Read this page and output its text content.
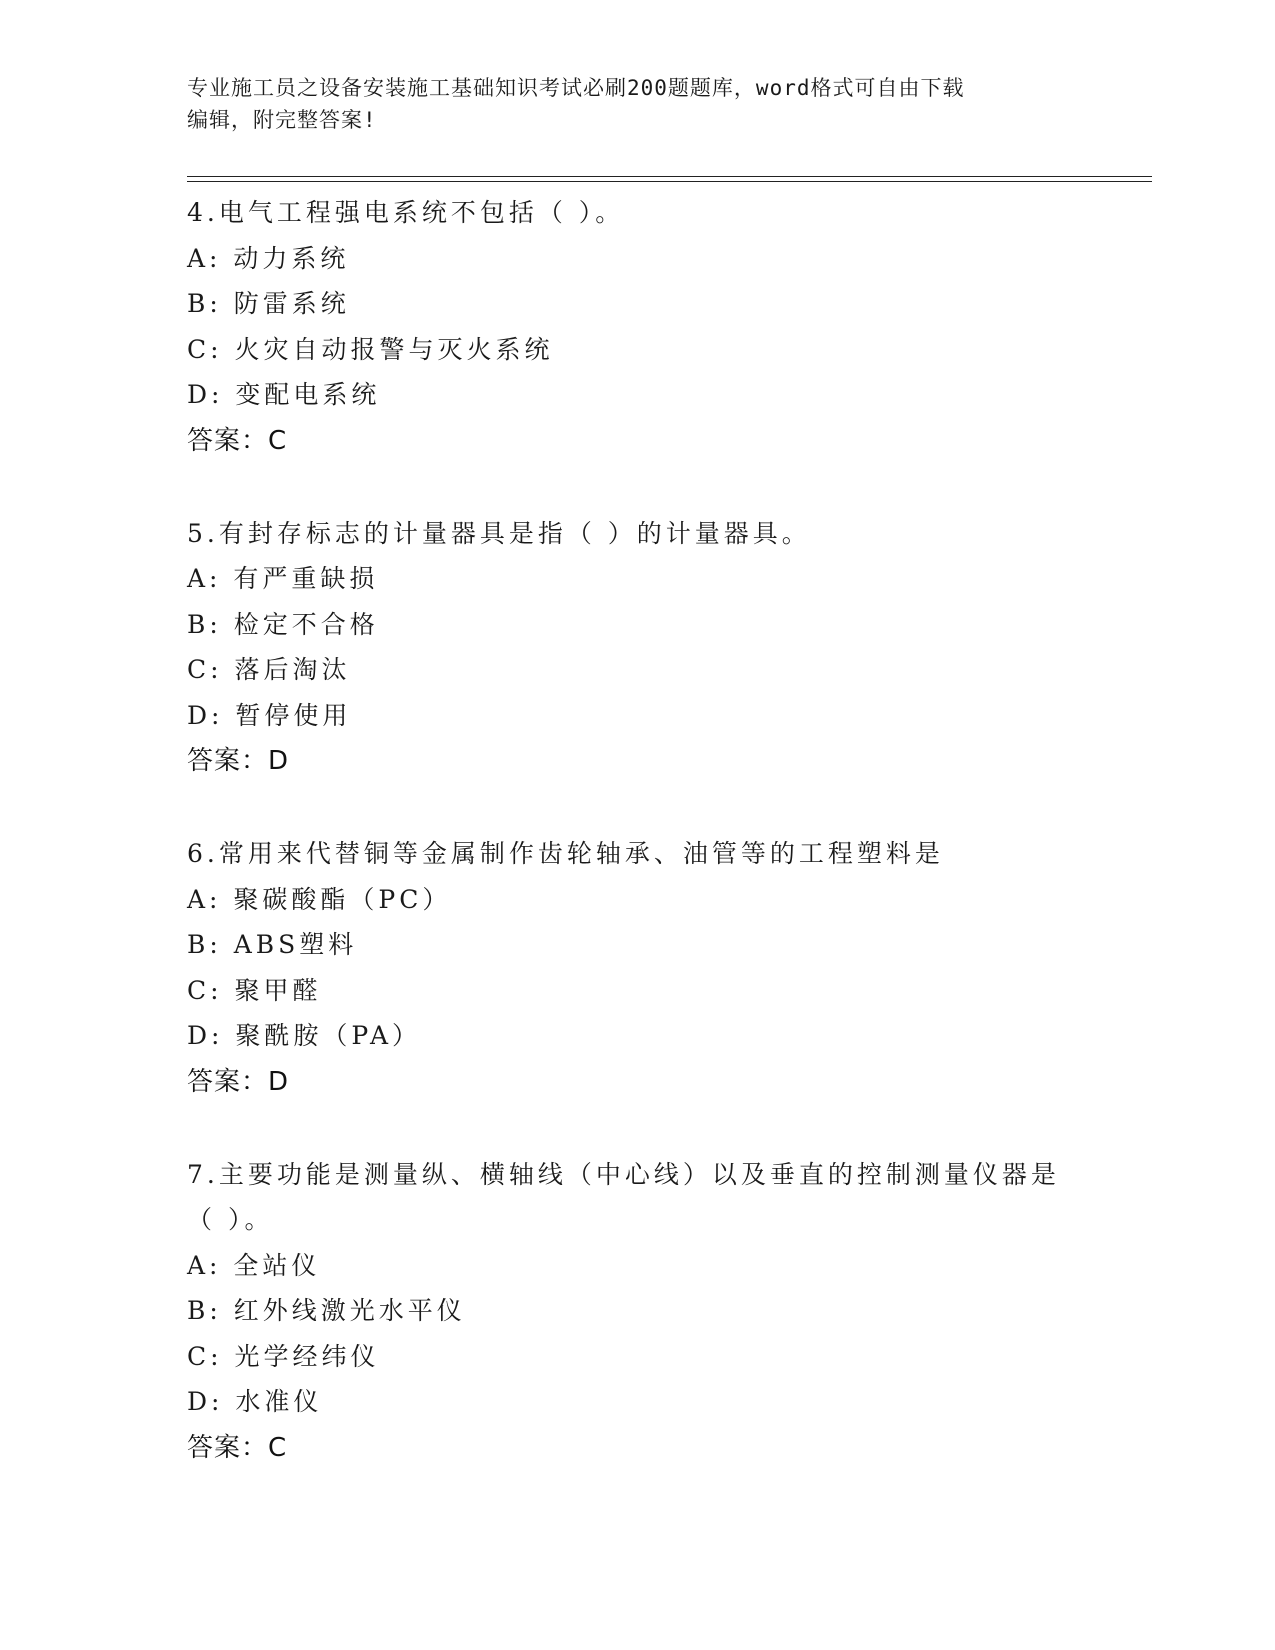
专业施工员之设备安装施工基础知识考试必刷200题题库，word格式可自由下载
编辑，附完整答案!
4.电气工程强电系统不包括（ ）。
A: 动力系统
B: 防雷系统
C: 火灾自动报警与灭火系统
D: 变配电系统
答案：C
5.有封存标志的计量器具是指（ ）的计量器具。
A: 有严重缺损
B: 检定不合格
C: 落后淘汰
D: 暂停使用
答案：D
6.常用来代替铜等金属制作齿轮轴承、油管等的工程塑料是
A: 聚碳酸酯（PC）
B: ABS塑料
C: 聚甲醛
D: 聚酰胺（PA）
答案：D
7.主要功能是测量纵、横轴线（中心线）以及垂直的控制测量仪器是
（ ）。
A: 全站仪
B: 红外线激光水平仪
C: 光学经纬仪
D: 水准仪
答案：C
